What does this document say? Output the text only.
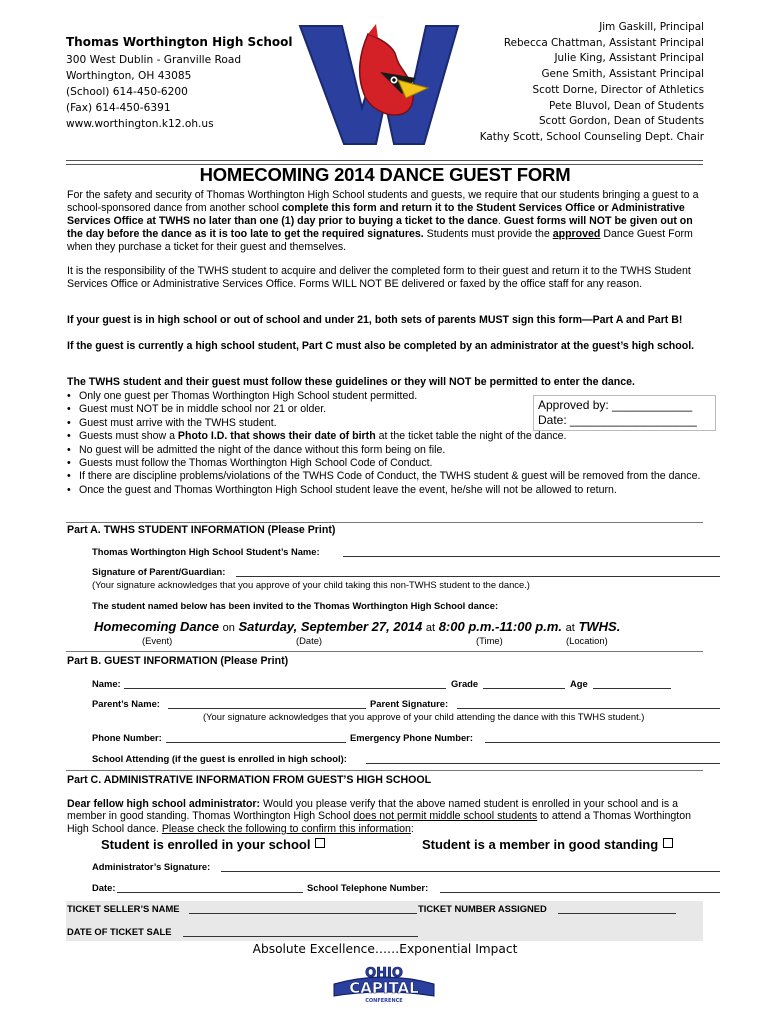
Thomas Worthington High School
300 West Dublin - Granville Road
Worthington, OH 43085
(School) 614-450-6200
(Fax) 614-450-6391
www.worthington.k12.oh.us
Jim Gaskill, Principal
Rebecca Chattman, Assistant Principal
Julie King, Assistant Principal
Gene Smith, Assistant Principal
Scott Dorne, Director of Athletics
Pete Bluvol, Dean of Students
Scott Gordon, Dean of Students
Kathy Scott, School Counseling Dept. Chair
HOMECOMING 2014 DANCE GUEST FORM
For the safety and security of Thomas Worthington High School students and guests, we require that our students bringing a guest to a school-sponsored dance from another school complete this form and return it to the Student Services Office or Administrative Services Office at TWHS no later than one (1) day prior to buying a ticket to the dance. Guest forms will NOT be given out on the day before the dance as it is too late to get the required signatures. Students must provide the approved Dance Guest Form when they purchase a ticket for their guest and themselves.
It is the responsibility of the TWHS student to acquire and deliver the completed form to their guest and return it to the TWHS Student Services Office or Administrative Services Office. Forms WILL NOT BE delivered or faxed by the office staff for any reason.
If your guest is in high school or out of school and under 21, both sets of parents MUST sign this form—Part A and Part B!
If the guest is currently a high school student, Part C must also be completed by an administrator at the guest’s high school.
The TWHS student and their guest must follow these guidelines or they will NOT be permitted to enter the dance.
• Only one guest per Thomas Worthington High School student permitted.
• Guest must NOT be in middle school nor 21 or older.
• Guest must arrive with the TWHS student.
• Guests must show a Photo I.D. that shows their date of birth at the ticket table the night of the dance.
• No guest will be admitted the night of the dance without this form being on file.
• Guests must follow the Thomas Worthington High School Code of Conduct.
• If there are discipline problems/violations of the TWHS Code of Conduct, the TWHS student & guest will be removed from the dance.
• Once the guest and Thomas Worthington High School student leave the event, he/she will not be allowed to return.
Approved by: ____________
Date: ___________________
Part A. TWHS STUDENT INFORMATION (Please Print)
Thomas Worthington High School Student’s Name:
Signature of Parent/Guardian:
(Your signature acknowledges that you approve of your child taking this non-TWHS student to the dance.)
The student named below has been invited to the Thomas Worthington High School dance:
Homecoming Dance on Saturday, September 27, 2014 at 8:00 p.m.-11:00 p.m. at TWHS.
(Event)	(Date)	(Time)	(Location)
Part B. GUEST INFORMATION (Please Print)
Name:	Grade	Age
Parent’s Name:	Parent Signature:
(Your signature acknowledges that you approve of your child attending the dance with this TWHS student.)
Phone Number:	Emergency Phone Number:
School Attending (if the guest is enrolled in high school):
Part C. ADMINISTRATIVE INFORMATION FROM GUEST’S HIGH SCHOOL
Dear fellow high school administrator: Would you please verify that the above named student is enrolled in your school and is a member in good standing. Thomas Worthington High School does not permit middle school students to attend a Thomas Worthington High School dance. Please check the following to confirm this information:
Student is enrolled in your school	Student is a member in good standing
Administrator’s Signature:
Date:	School Telephone Number:
TICKET SELLER’S NAME	TICKET NUMBER ASSIGNED
DATE OF TICKET SALE
Absolute Excellence……Exponential Impact
OHIO
CAPITAL
CONFERENCE
